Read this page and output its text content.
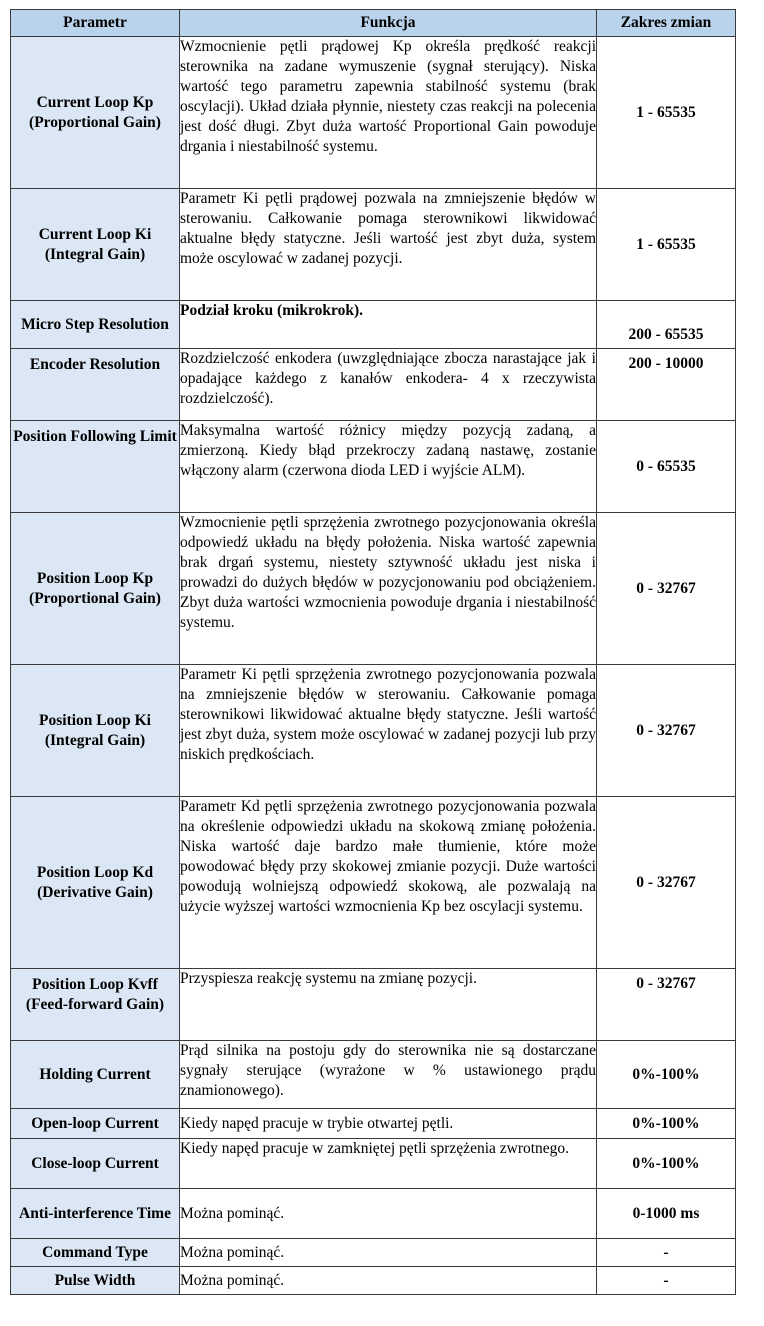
Parametr	Funkcja	Zakres zmian
Current Loop Kp (Proportional Gain)	Wzmocnienie pętli prądowej Kp określa prędkość reakcji sterownika na zadane wymuszenie (sygnał sterujący). Niska wartość tego parametru zapewnia stabilność systemu (brak oscylacji). Układ działa płynnie, niestety czas reakcji na polecenia jest dość długi. Zbyt duża wartość Proportional Gain powoduje drgania i niestabilność systemu.	1 - 65535
Current Loop Ki (Integral Gain)	Parametr Ki pętli prądowej pozwala na zmniejszenie błędów w sterowaniu. Całkowanie pomaga sterownikowi likwidować aktualne błędy statyczne. Jeśli wartość jest zbyt duża, system może oscylować w zadanej pozycji.	1 - 65535
Micro Step Resolution	Podział kroku (mikrokrok).	200 - 65535
Encoder Resolution	Rozdzielczość enkodera (uwzględniające zbocza narastające jak i opadające każdego z kanałów enkodera- 4 x rzeczywista rozdzielczość).	200 - 10000
Position Following Limit	Maksymalna wartość różnicy między pozycją zadaną, a zmierzoną. Kiedy błąd przekroczy zadaną nastawę, zostanie włączony alarm (czerwona dioda LED i wyjście ALM).	0 - 65535
Position Loop Kp (Proportional Gain)	Wzmocnienie pętli sprzężenia zwrotnego pozycjonowania określa odpowiedź układu na błędy położenia. Niska wartość zapewnia brak drgań systemu, niestety sztywność układu jest niska i prowadzi do dużych błędów w pozycjonowaniu pod obciążeniem. Zbyt duża wartości wzmocnienia powoduje drgania i niestabilność systemu.	0 - 32767
Position Loop Ki (Integral Gain)	Parametr Ki pętli sprzężenia zwrotnego pozycjonowania pozwala na zmniejszenie błędów w sterowaniu. Całkowanie pomaga sterownikowi likwidować aktualne błędy statyczne. Jeśli wartość jest zbyt duża, system może oscylować w zadanej pozycji lub przy niskich prędkościach.	0 - 32767
Position Loop Kd (Derivative Gain)	Parametr Kd pętli sprzężenia zwrotnego pozycjonowania pozwala na określenie odpowiedzi układu na skokową zmianę położenia. Niska wartość daje bardzo małe tłumienie, które może powodować błędy przy skokowej zmianie pozycji. Duże wartości powodują wolniejszą odpowiedź skokową, ale pozwalają na użycie wyższej wartości wzmocnienia Kp bez oscylacji systemu.	0 - 32767
Position Loop Kvff (Feed-forward Gain)	Przyspiesza reakcję systemu na zmianę pozycji.	0 - 32767
Holding Current	Prąd silnika na postoju gdy do sterownika nie są dostarczane sygnały sterujące (wyrażone w % ustawionego prądu znamionowego).	0%-100%
Open-loop Current	Kiedy napęd pracuje w trybie otwartej pętli.	0%-100%
Close-loop Current	Kiedy napęd pracuje w zamkniętej pętli sprzężenia zwrotnego.	0%-100%
Anti-interference Time	Można pominąć.	0-1000 ms
Command Type	Można pominąć.	-
Pulse Width	Można pominąć.	-
